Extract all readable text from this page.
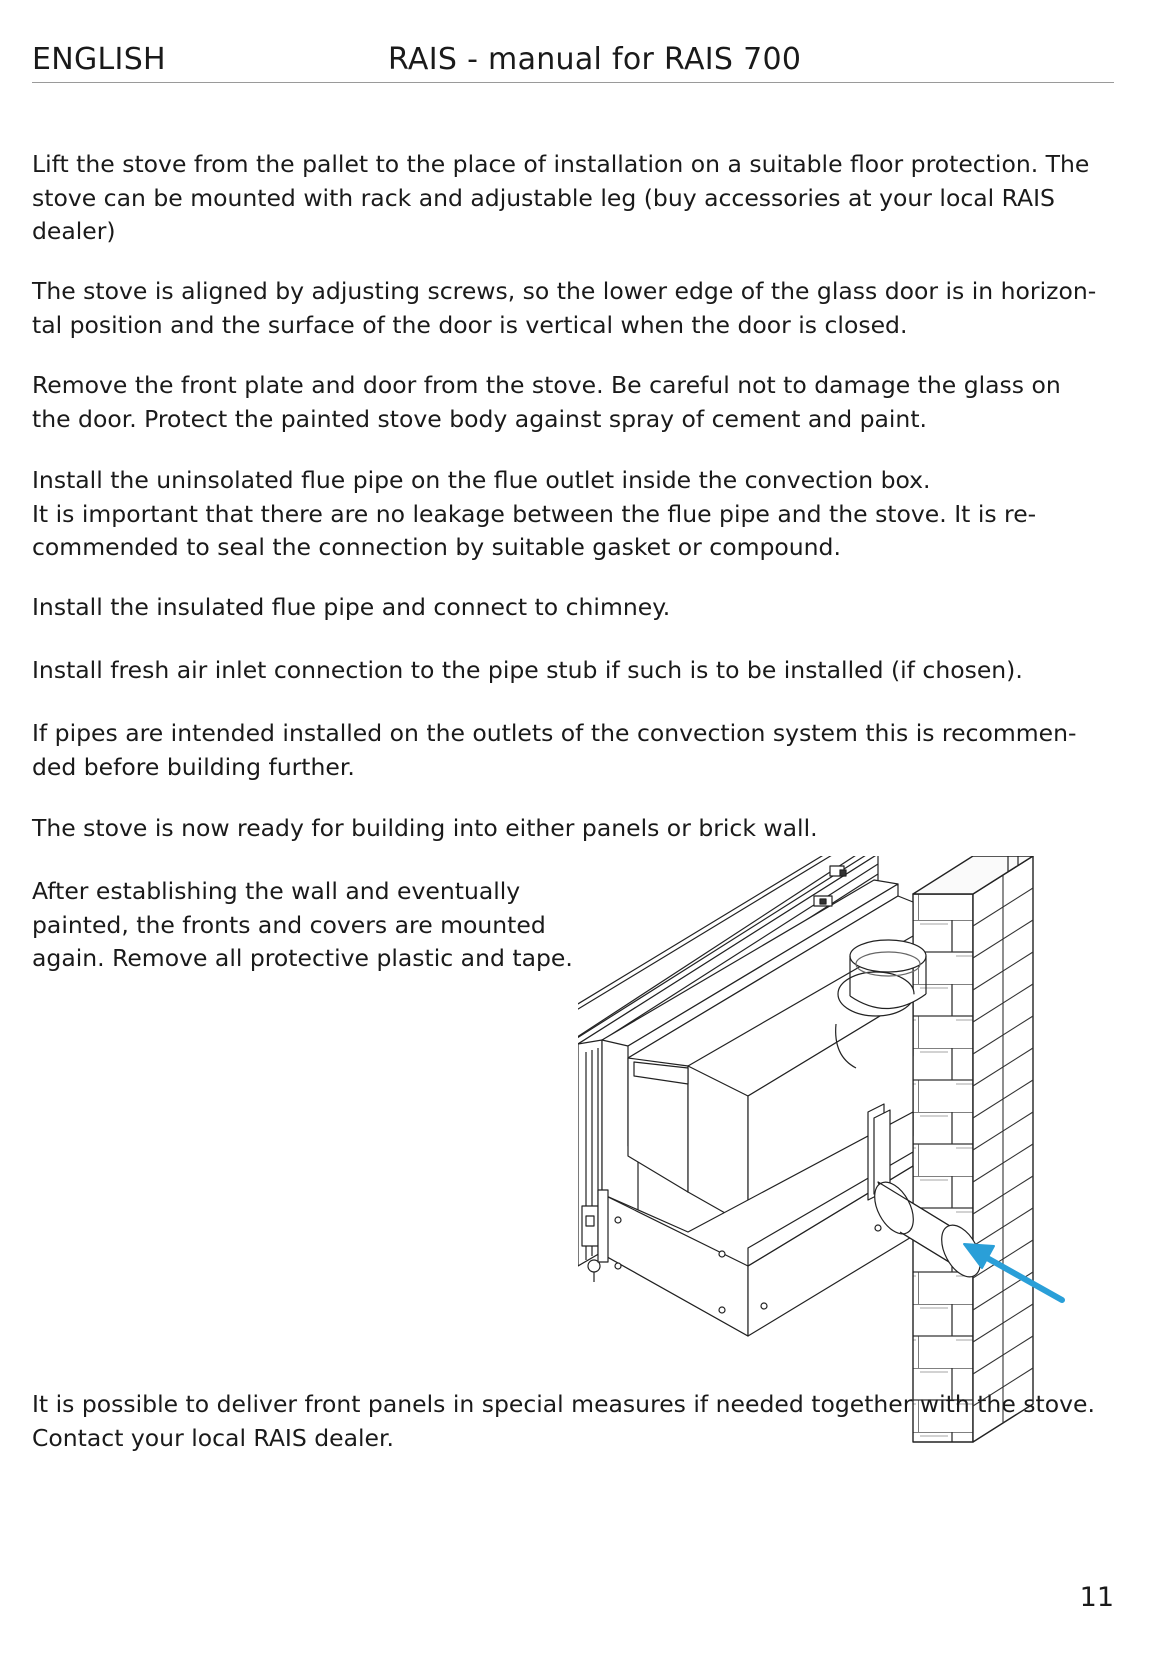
ENGLISH	RAIS - manual for RAIS 700

Lift the stove from the pallet to the place of installation on a suitable floor protection. The
stove can be mounted with rack and adjustable leg (buy accessories at your local RAIS
dealer)

The stove is aligned by adjusting screws, so the lower edge of the glass door is in horizon-
tal position and the surface of the door is vertical when the door is closed.

Remove the front plate and door from the stove. Be careful not to damage the glass on
the door. Protect the painted stove body against spray of cement and paint.

Install the uninsolated flue pipe on the flue outlet inside the convection box.
It is important that there are no leakage between the flue pipe and the stove. It is re-
commended to seal the connection by suitable gasket or compound.

Install the insulated flue pipe and connect to chimney.

Install fresh air inlet connection to the pipe stub if such is to be installed (if chosen).

If pipes are intended installed on the outlets of the convection system this is recommen-
ded before building further.

The stove is now ready for building into either panels or brick wall.

After establishing the wall and eventually
painted, the fronts and covers are mounted
again. Remove all protective plastic and tape.

It is possible to deliver front panels in special measures if needed together with the stove.
Contact your local RAIS dealer.

11
